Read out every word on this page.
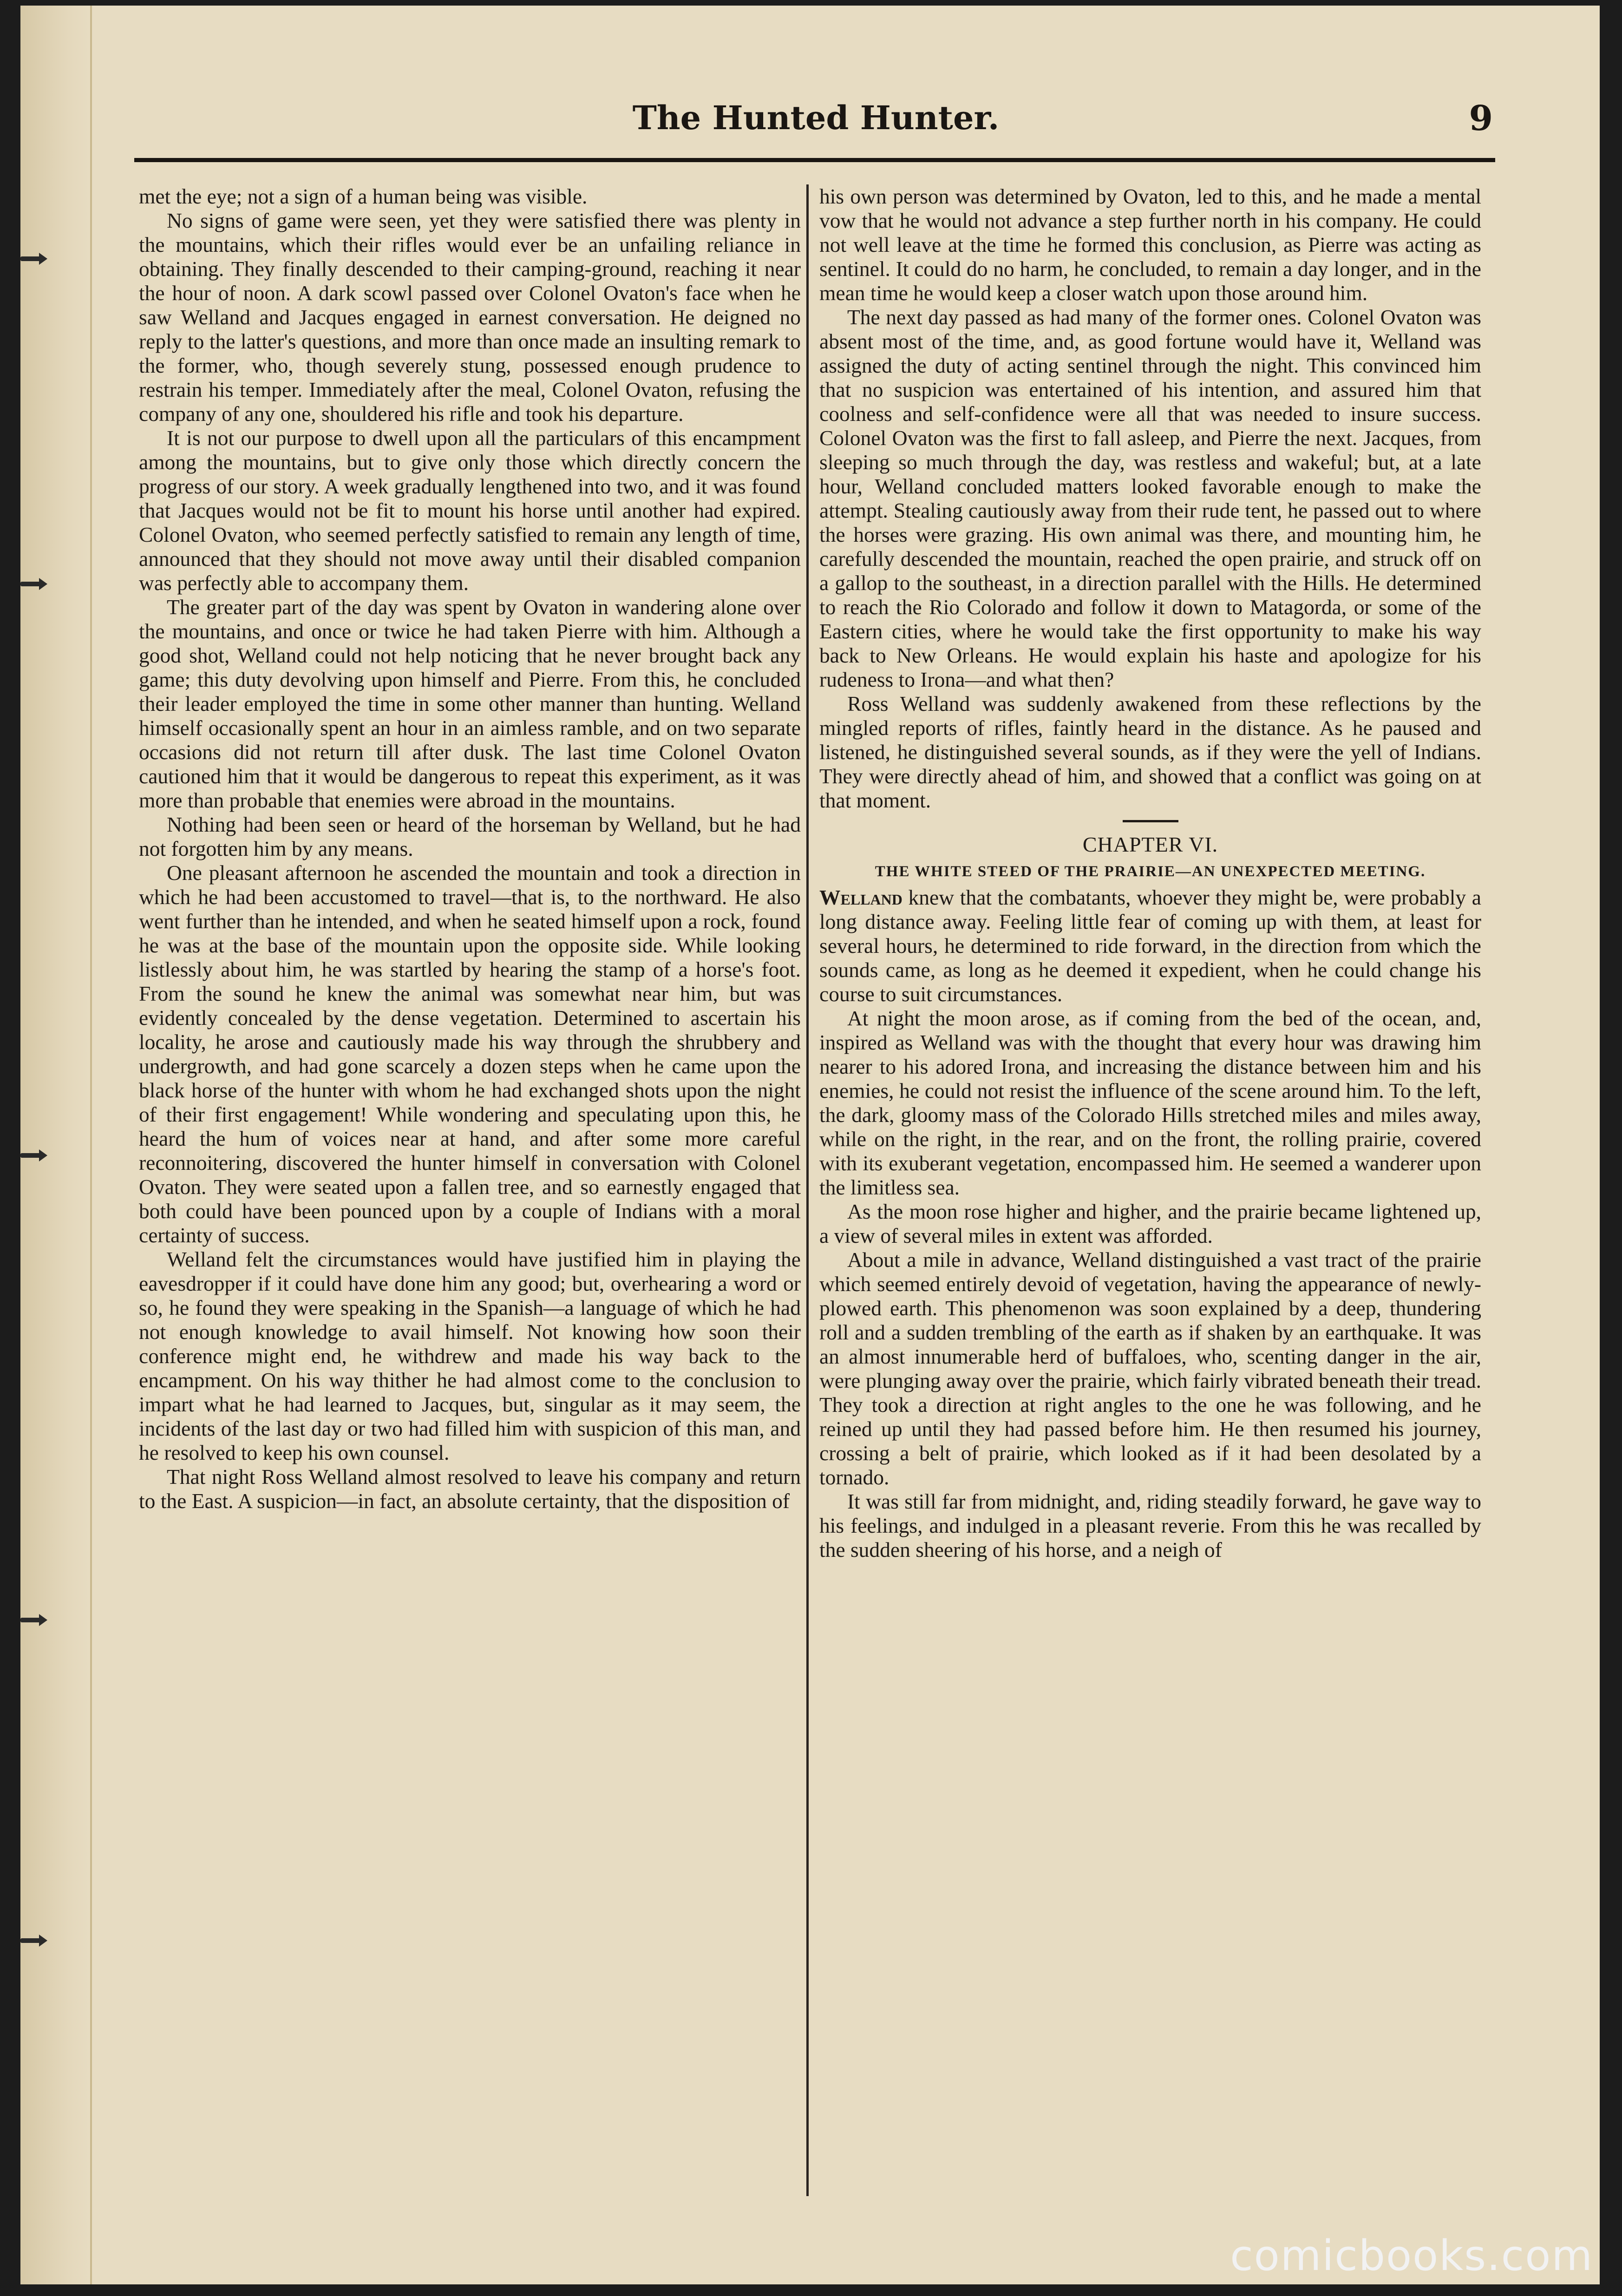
The Hunted Hunter.	9

met the eye; not a sign of a human being was visible.

No signs of game were seen, yet they were satisfied there was plenty in the mountains, which their rifles would ever be an unfailing reliance in obtaining. They finally descended to their camping-ground, reaching it near the hour of noon. A dark scowl passed over Colonel Ovaton's face when he saw Welland and Jacques engaged in earnest conversation. He deigned no reply to the latter's questions, and more than once made an insulting remark to the former, who, though severely stung, possessed enough prudence to restrain his temper. Immediately after the meal, Colonel Ovaton, refusing the company of any one, shouldered his rifle and took his departure.

It is not our purpose to dwell upon all the particulars of this encampment among the mountains, but to give only those which directly concern the progress of our story. A week gradually lengthened into two, and it was found that Jacques would not be fit to mount his horse until another had expired. Colonel Ovaton, who seemed perfectly satisfied to remain any length of time, announced that they should not move away until their disabled companion was perfectly able to accompany them.

The greater part of the day was spent by Ovaton in wandering alone over the mountains, and once or twice he had taken Pierre with him. Although a good shot, Welland could not help noticing that he never brought back any game; this duty devolving upon himself and Pierre. From this, he concluded their leader employed the time in some other manner than hunting. Welland himself occasionally spent an hour in an aimless ramble, and on two separate occasions did not return till after dusk. The last time Colonel Ovaton cautioned him that it would be dangerous to repeat this experiment, as it was more than probable that enemies were abroad in the mountains.

Nothing had been seen or heard of the horseman by Welland, but he had not forgotten him by any means.

One pleasant afternoon he ascended the mountain and took a direction in which he had been accustomed to travel—that is, to the northward. He also went further than he intended, and when he seated himself upon a rock, found he was at the base of the mountain upon the opposite side. While looking listlessly about him, he was startled by hearing the stamp of a horse's foot. From the sound he knew the animal was somewhat near him, but was evidently concealed by the dense vegetation. Determined to ascertain his locality, he arose and cautiously made his way through the shrubbery and undergrowth, and had gone scarcely a dozen steps when he came upon the black horse of the hunter with whom he had exchanged shots upon the night of their first engagement! While wondering and speculating upon this, he heard the hum of voices near at hand, and after some more careful reconnoitering, discovered the hunter himself in conversation with Colonel Ovaton. They were seated upon a fallen tree, and so earnestly engaged that both could have been pounced upon by a couple of Indians with a moral certainty of success.

Welland felt the circumstances would have justified him in playing the eavesdropper if it could have done him any good; but, overhearing a word or so, he found they were speaking in the Spanish—a language of which he had not enough knowledge to avail himself. Not knowing how soon their conference might end, he withdrew and made his way back to the encampment. On his way thither he had almost come to the conclusion to impart what he had learned to Jacques, but, singular as it may seem, the incidents of the last day or two had filled him with suspicion of this man, and he resolved to keep his own counsel.

That night Ross Welland almost resolved to leave his company and return to the East. A suspicion—in fact, an absolute certainty, that the disposition of

his own person was determined by Ovaton, led to this, and he made a mental vow that he would not advance a step further north in his company. He could not well leave at the time he formed this conclusion, as Pierre was acting as sentinel. It could do no harm, he concluded, to remain a day longer, and in the mean time he would keep a closer watch upon those around him.

The next day passed as had many of the former ones. Colonel Ovaton was absent most of the time, and, as good fortune would have it, Welland was assigned the duty of acting sentinel through the night. This convinced him that no suspicion was entertained of his intention, and assured him that coolness and self-confidence were all that was needed to insure success. Colonel Ovaton was the first to fall asleep, and Pierre the next. Jacques, from sleeping so much through the day, was restless and wakeful; but, at a late hour, Welland concluded matters looked favorable enough to make the attempt. Stealing cautiously away from their rude tent, he passed out to where the horses were grazing. His own animal was there, and mounting him, he carefully descended the mountain, reached the open prairie, and struck off on a gallop to the southeast, in a direction parallel with the Hills. He determined to reach the Rio Colorado and follow it down to Matagorda, or some of the Eastern cities, where he would take the first opportunity to make his way back to New Orleans. He would explain his haste and apologize for his rudeness to Irona—and what then?

Ross Welland was suddenly awakened from these reflections by the mingled reports of rifles, faintly heard in the distance. As he paused and listened, he distinguished several sounds, as if they were the yell of Indians. They were directly ahead of him, and showed that a conflict was going on at that moment.

CHAPTER VI.
THE WHITE STEED OF THE PRAIRIE—AN UNEXPECTED MEETING.

Welland knew that the combatants, whoever they might be, were probably a long distance away. Feeling little fear of coming up with them, at least for several hours, he determined to ride forward, in the direction from which the sounds came, as long as he deemed it expedient, when he could change his course to suit circumstances.

At night the moon arose, as if coming from the bed of the ocean, and, inspired as Welland was with the thought that every hour was drawing him nearer to his adored Irona, and increasing the distance between him and his enemies, he could not resist the influence of the scene around him. To the left, the dark, gloomy mass of the Colorado Hills stretched miles and miles away, while on the right, in the rear, and on the front, the rolling prairie, covered with its exuberant vegetation, encompassed him. He seemed a wanderer upon the limitless sea.

As the moon rose higher and higher, and the prairie became lightened up, a view of several miles in extent was afforded.

About a mile in advance, Welland distinguished a vast tract of the prairie which seemed entirely devoid of vegetation, having the appearance of newly-plowed earth. This phenomenon was soon explained by a deep, thundering roll and a sudden trembling of the earth as if shaken by an earthquake. It was an almost innumerable herd of buffaloes, who, scenting danger in the air, were plunging away over the prairie, which fairly vibrated beneath their tread. They took a direction at right angles to the one he was following, and he reined up until they had passed before him. He then resumed his journey, crossing a belt of prairie, which looked as if it had been desolated by a tornado.

It was still far from midnight, and, riding steadily forward, he gave way to his feelings, and indulged in a pleasant reverie. From this he was recalled by the sudden sheering of his horse, and a neigh of

comicbooks.com
